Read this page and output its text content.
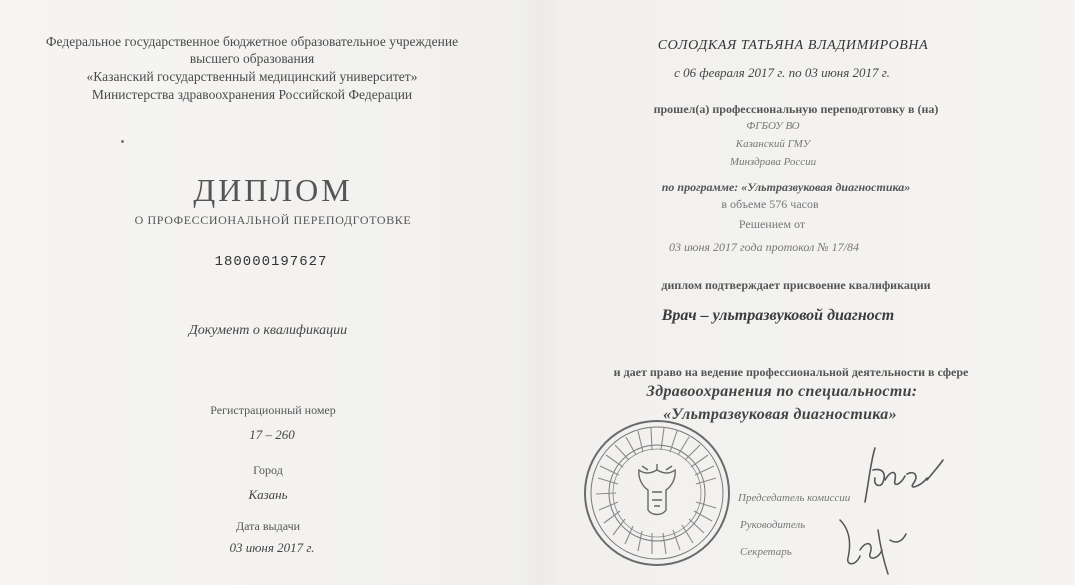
Федеральное государственное бюджетное образовательное учреждение
высшего образования
«Казанский государственный медицинский университет»
Министерства здравоохранения Российской Федерации
ДИПЛОМ
О ПРОФЕССИОНАЛЬНОЙ ПЕРЕПОДГОТОВКЕ
180000197627
Документ о квалификации
Регистрационный номер
17 – 260
Город
Казань
Дата выдачи
03 июня 2017 г.
СОЛОДКАЯ ТАТЬЯНА ВЛАДИМИРОВНА
с 06 февраля 2017 г. по 03 июня 2017 г.
прошел(а) профессиональную переподготовку в (на)
ФГБОУ ВО
Казанский ГМУ
Минздрава России
по программе: «Ультразвуковая диагностика»
в объеме 576 часов
Решением от
03 июня 2017 года протокол № 17/84
диплом подтверждает присвоение квалификации
Врач – ультразвуковой диагност
и дает право на ведение профессиональной деятельности в сфере
Здравоохранения по специальности:
«Ультразвуковая диагностика»
Председатель комиссии
Руководитель
Секретарь
